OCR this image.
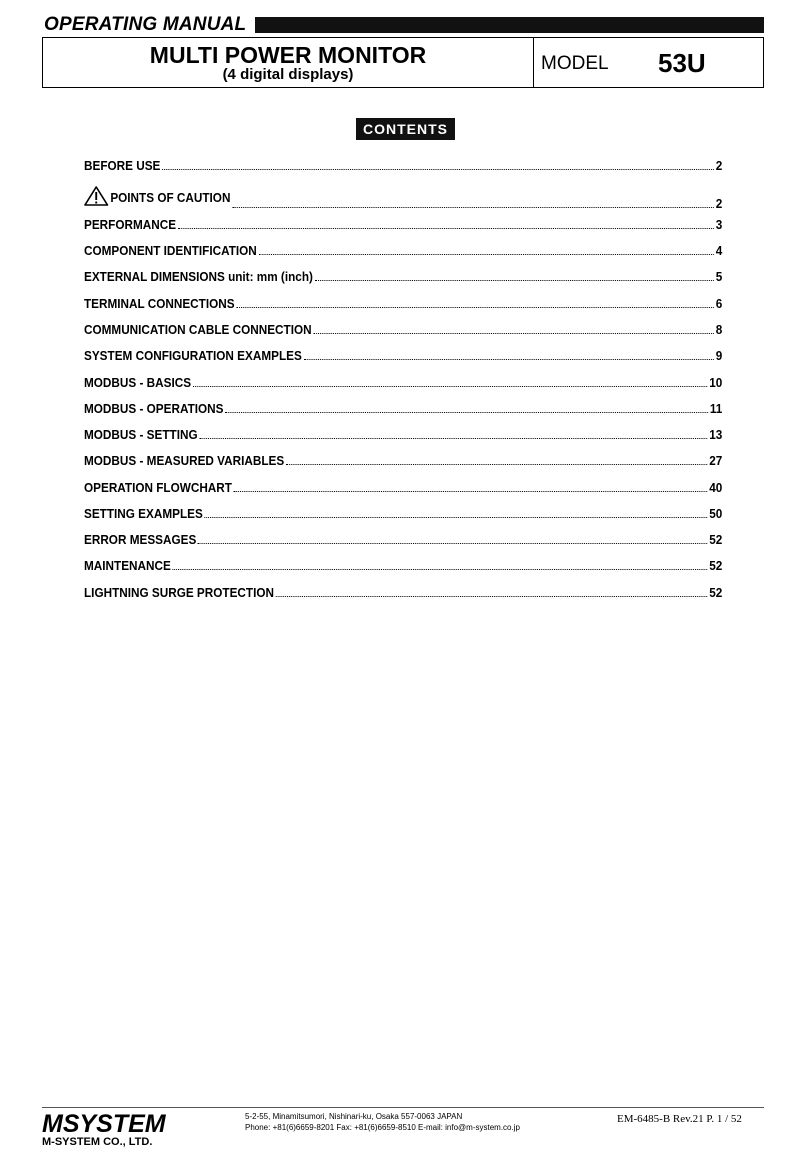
OPERATING MANUAL
MULTI POWER MONITOR
(4 digital displays)
MODEL 53U
CONTENTS
BEFORE USE	2
POINTS OF CAUTION	2
PERFORMANCE	3
COMPONENT IDENTIFICATION	4
EXTERNAL DIMENSIONS unit: mm (inch)	5
TERMINAL CONNECTIONS	6
COMMUNICATION CABLE CONNECTION	8
SYSTEM CONFIGURATION EXAMPLES	9
MODBUS - BASICS	10
MODBUS - OPERATIONS	11
MODBUS - SETTING	13
MODBUS - MEASURED VARIABLES	27
OPERATION FLOWCHART	40
SETTING EXAMPLES	50
ERROR MESSAGES	52
MAINTENANCE	52
LIGHTNING SURGE PROTECTION	52
MSYSTEM
M-SYSTEM CO., LTD.
5-2-55, Minamitsumori, Nishinari-ku, Osaka 557-0063 JAPAN
Phone: +81(6)6659-8201 Fax: +81(6)6659-8510 E-mail: info@m-system.co.jp
EM-6485-B Rev.21 P. 1 / 52
